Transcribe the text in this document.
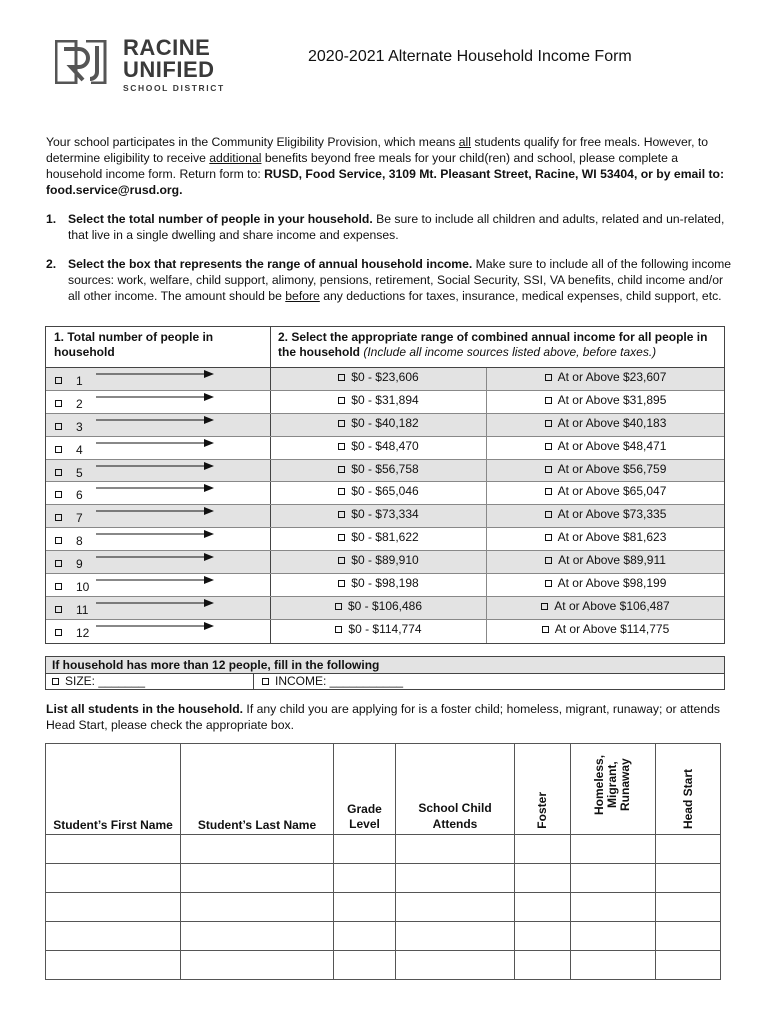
RACINE
UNIFIED
SCHOOL DISTRICT
2020-2021 Alternate Household Income Form
Your school participates in the Community Eligibility Provision, which means all students qualify for free meals. However, to determine eligibility to receive additional benefits beyond free meals for your child(ren) and school, please complete a household income form. Return form to: RUSD, Food Service, 3109 Mt. Pleasant Street, Racine, WI 53404, or by email to: food.service@rusd.org.
1. Select the total number of people in your household. Be sure to include all children and adults, related and un-related, that live in a single dwelling and share income and expenses.
2. Select the box that represents the range of annual household income. Make sure to include all of the following income sources: work, welfare, child support, alimony, pensions, retirement, Social Security, SSI, VA benefits, child income and/or all other income. The amount should be before any deductions for taxes, insurance, medical expenses, child support, etc.
1. Total number of people in household
2. Select the appropriate range of combined annual income for all people in the household (Include all income sources listed above, before taxes.)
1	$0 - $23,606	At or Above $23,607
2	$0 - $31,894	At or Above $31,895
3	$0 - $40,182	At or Above $40,183
4	$0 - $48,470	At or Above $48,471
5	$0 - $56,758	At or Above $56,759
6	$0 - $65,046	At or Above $65,047
7	$0 - $73,334	At or Above $73,335
8	$0 - $81,622	At or Above $81,623
9	$0 - $89,910	At or Above $89,911
10	$0 - $98,198	At or Above $98,199
11	$0 - $106,486	At or Above $106,487
12	$0 - $114,774	At or Above $114,775
If household has more than 12 people, fill in the following
SIZE: _______	INCOME: ___________
List all students in the household. If any child you are applying for is a foster child; homeless, migrant, runaway; or attends Head Start, please check the appropriate box.
Student’s First Name	Student’s Last Name	Grade Level	School Child Attends	Foster	Homeless, Migrant, Runaway	Head Start
